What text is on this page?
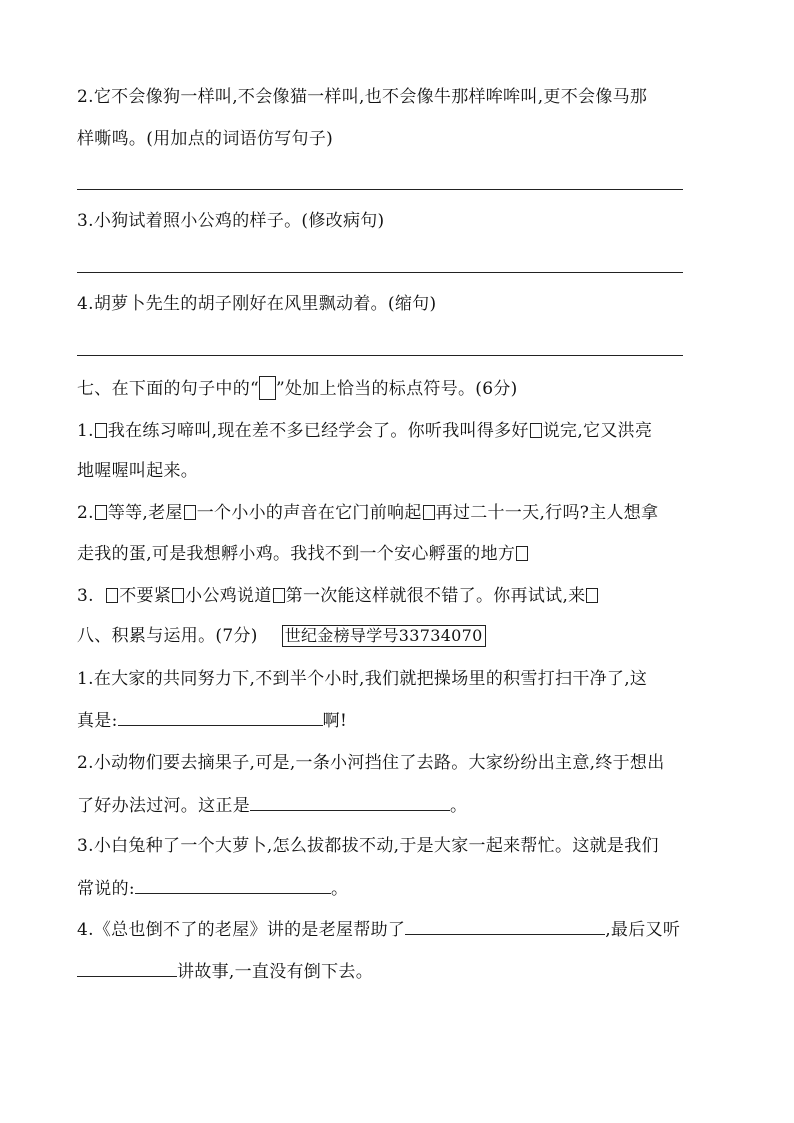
2.它不会像狗一样叫,不会像猫一样叫,也不会像牛那样哞哞叫,更不会像马那
样嘶鸣。(用加点的词语仿写句子)
3.小狗试着照小公鸡的样子。(修改病句)
4.胡萝卜先生的胡子刚好在风里飘动着。(缩句)
七、在下面的句子中的“ ”处加上恰当的标点符号。(6分)
1. 我在练习啼叫,现在差不多已经学会了。你听我叫得多好 说完,它又洪亮
地喔喔叫起来。
2. 等等,老屋 一个小小的声音在它门前响起 再过二十一天,行吗?主人想拿
走我的蛋,可是我想孵小鸡。我找不到一个安心孵蛋的地方
3.  不要紧 小公鸡说道 第一次能这样就很不错了。你再试试,来
八、积累与运用。(7分) 世纪金榜导学号33734070
1.在大家的共同努力下,不到半个小时,我们就把操场里的积雪打扫干净了,这
真是:	啊!
2.小动物们要去摘果子,可是,一条小河挡住了去路。大家纷纷出主意,终于想出
了好办法过河。这正是	。
3.小白兔种了一个大萝卜,怎么拔都拔不动,于是大家一起来帮忙。这就是我们
常说的:	。
4.《总也倒不了的老屋》讲的是老屋帮助了	,最后又听
讲故事,一直没有倒下去。
